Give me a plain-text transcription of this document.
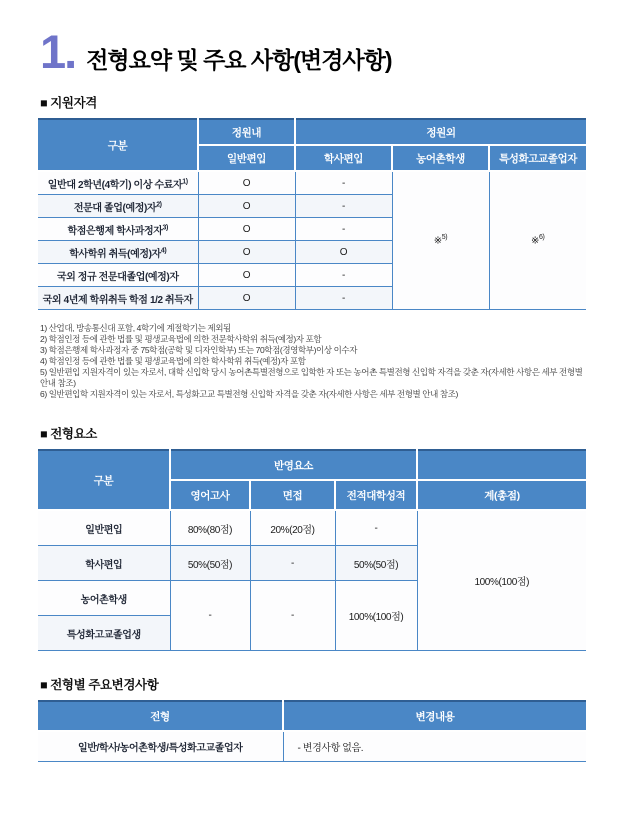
1. 전형요약 및 주요 사항(변경사항)
■ 지원자격
구분	정원내	정원외		
	일반편입	학사편입	농어촌학생	특성화고교졸업자
일반대 2학년(4학기) 이상 수료자$^{1)}$	O	-	※$^{5)}$	※$^{6)}$
전문대 졸업(예정)자$^{2)}$	O	-		
학점은행제 학사과정자$^{3)}$	O	-		
학사학위 취득(예정)자$^{4)}$	O	O		
국외 정규 전문대졸업(예정)자	O	-		
국외 4년제 학위취득 학점 1/2 취득자	O	-		
1) 산업대, 방송통신대 포함, 4학기에 계절학기는 제외됨
2) 학점인정 등에 관한 법률 및 평생교육법에 의한 전문학사학위 취득(예정)자 포함
3) 학점은행제 학사과정자 중 75학점(공학 및 디자인학부) 또는 70학점(경영학부)이상 이수자
4) 학점인정 등에 관한 법률 및 평생교육법에 의한 학사학위 취득(예정)자 포함
5) 일반편입 지원자격이 있는 자로서, 대학 신입학 당시 농어촌특별전형으로 입학한 자 또는 농어촌 특별전형 신입학 자격을 갖춘 자(자세한 사항은 세부 전형별 안내 참조)
6) 일반편입학 지원자격이 있는 자로서, 특성화고교 특별전형 신입학 자격을 갖춘 자(자세한 사항은 세부 전형별 안내 참조)
■ 전형요소
구분	반영요소			
	영어고사	면접	전적대학성적	계(총점)
일반편입	80%(80점)	20%(20점)	-	100%(100점)
학사편입	50%(50점)	-	50%(50점)	
농어촌학생	-	-	100%(100점)	
특성화고교졸업생				
■ 전형별 주요변경사항
전형	변경내용
일반/학사/농어촌학생/특성화고교졸업자	- 변경사항 없음.
